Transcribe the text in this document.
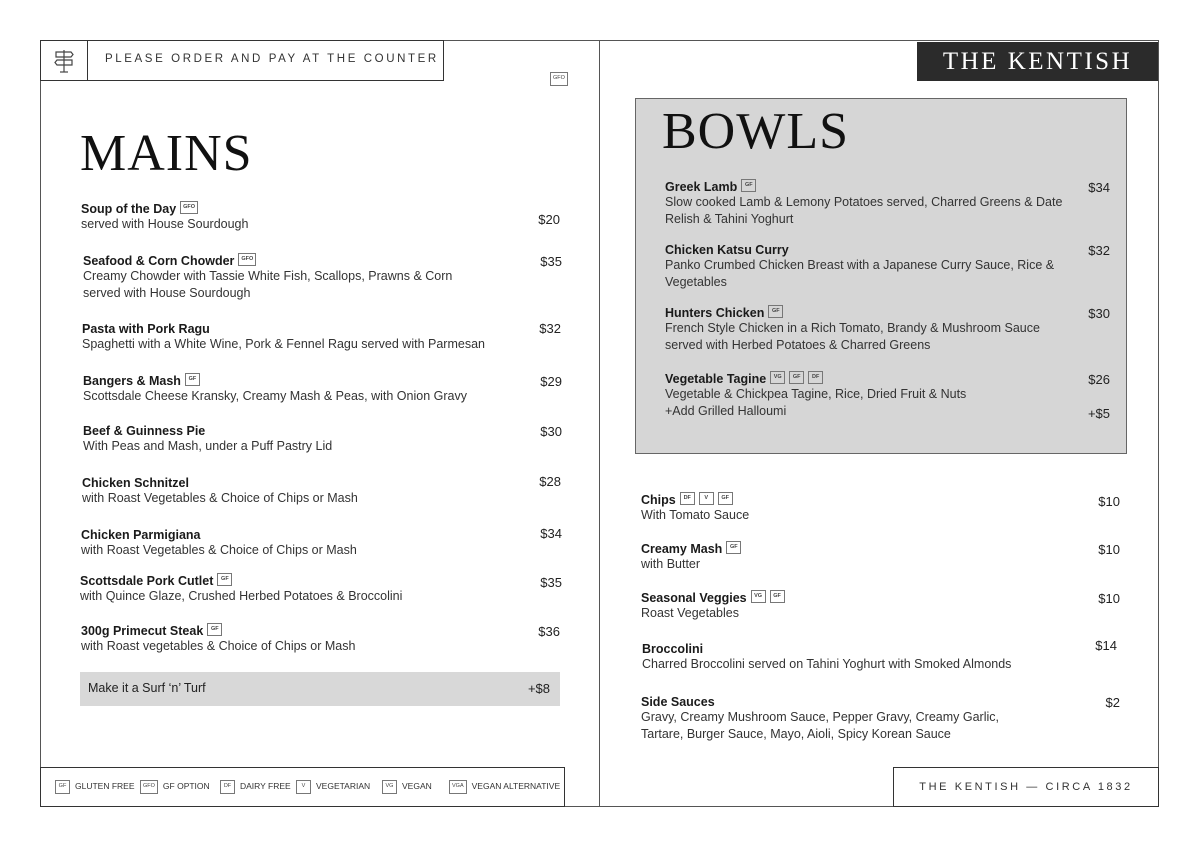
PLEASE ORDER AND PAY AT THE COUNTER
GFO
THE KENTISH
MAINS
Soup of the Day GFO
served with House Sourdough	$20
Seafood & Corn Chowder GFO
Creamy Chowder with Tassie White Fish, Scallops, Prawns & Corn served with House Sourdough
$35
Pasta with Pork Ragu
Spaghetti with a White Wine, Pork & Fennel Ragu served with Parmesan
$32
Bangers & Mash GF
Scottsdale Cheese Kransky, Creamy Mash & Peas, with Onion Gravy
$29
Beef & Guinness Pie
With Peas and Mash, under a Puff Pastry Lid
$30
Chicken Schnitzel
with Roast Vegetables & Choice of Chips or Mash
$28
Chicken Parmigiana
with Roast Vegetables & Choice of Chips or Mash
$34
Scottsdale Pork Cutlet GF
with Quince Glaze, Crushed Herbed Potatoes & Broccolini
$35
300g Primecut Steak GF
with Roast vegetables & Choice of Chips or Mash
$36
Make it a Surf ‘n’ Turf	+$8
GF GLUTEN FREE	GFO GF OPTION	DF DAIRY FREE	V VEGETARIAN	VG VEGAN	VGA VEGAN ALTERNATIVE
BOWLS
Greek Lamb GF
Slow cooked Lamb & Lemony Potatoes served, Charred Greens & Date Relish & Tahini Yoghurt
$34
Chicken Katsu Curry
Panko Crumbed Chicken Breast with a Japanese Curry Sauce, Rice & Vegetables
$32
Hunters Chicken GF
French Style Chicken in a Rich Tomato, Brandy & Mushroom Sauce served with Herbed Potatoes & Charred Greens
$30
Vegetable Tagine VG GF DF
Vegetable & Chickpea Tagine, Rice, Dried Fruit & Nuts
+Add Grilled Halloumi
$26
+$5
Chips DF V GF
With Tomato Sauce
$10
Creamy Mash GF
with Butter
$10
Seasonal Veggies VG GF
Roast Vegetables
$10
Broccolini
Charred Broccolini served on Tahini Yoghurt with Smoked Almonds
$14
Side Sauces
Gravy, Creamy Mushroom Sauce, Pepper Gravy, Creamy Garlic, Tartare, Burger Sauce, Mayo, Aioli, Spicy Korean Sauce
$2
THE KENTISH — CIRCA 1832
